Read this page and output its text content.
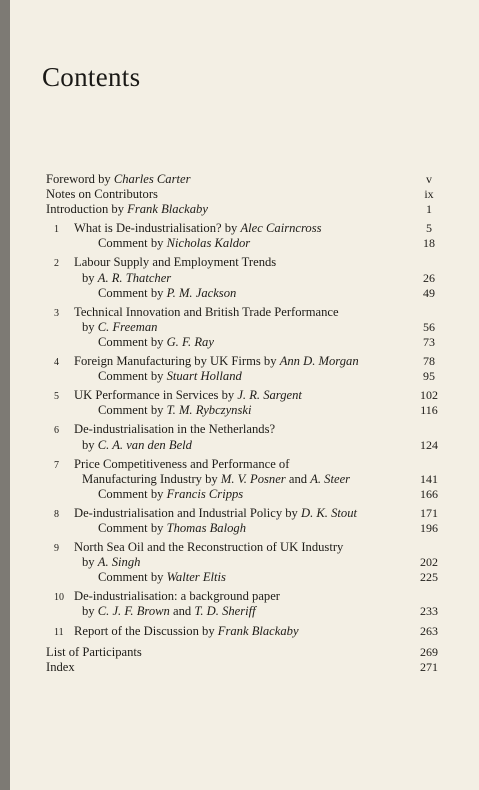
Contents
Foreword by Charles Carter	v
Notes on Contributors	ix
Introduction by Frank Blackaby	1
1 What is De-industrialisation? by Alec Cairncross	5
Comment by Nicholas Kaldor	18
2 Labour Supply and Employment Trends
by A. R. Thatcher	26
Comment by P. M. Jackson	49
3 Technical Innovation and British Trade Performance
by C. Freeman	56
Comment by G. F. Ray	73
4 Foreign Manufacturing by UK Firms by Ann D. Morgan	78
Comment by Stuart Holland	95
5 UK Performance in Services by J. R. Sargent	102
Comment by T. M. Rybczynski	116
6 De-industrialisation in the Netherlands?
by C. A. van den Beld	124
7 Price Competitiveness and Performance of
Manufacturing Industry by M. V. Posner and A. Steer	141
Comment by Francis Cripps	166
8 De-industrialisation and Industrial Policy by D. K. Stout	171
Comment by Thomas Balogh	196
9 North Sea Oil and the Reconstruction of UK Industry
by A. Singh	202
Comment by Walter Eltis	225
10 De-industrialisation: a background paper
by C. J. F. Brown and T. D. Sheriff	233
11 Report of the Discussion by Frank Blackaby	263
List of Participants	269
Index	271
